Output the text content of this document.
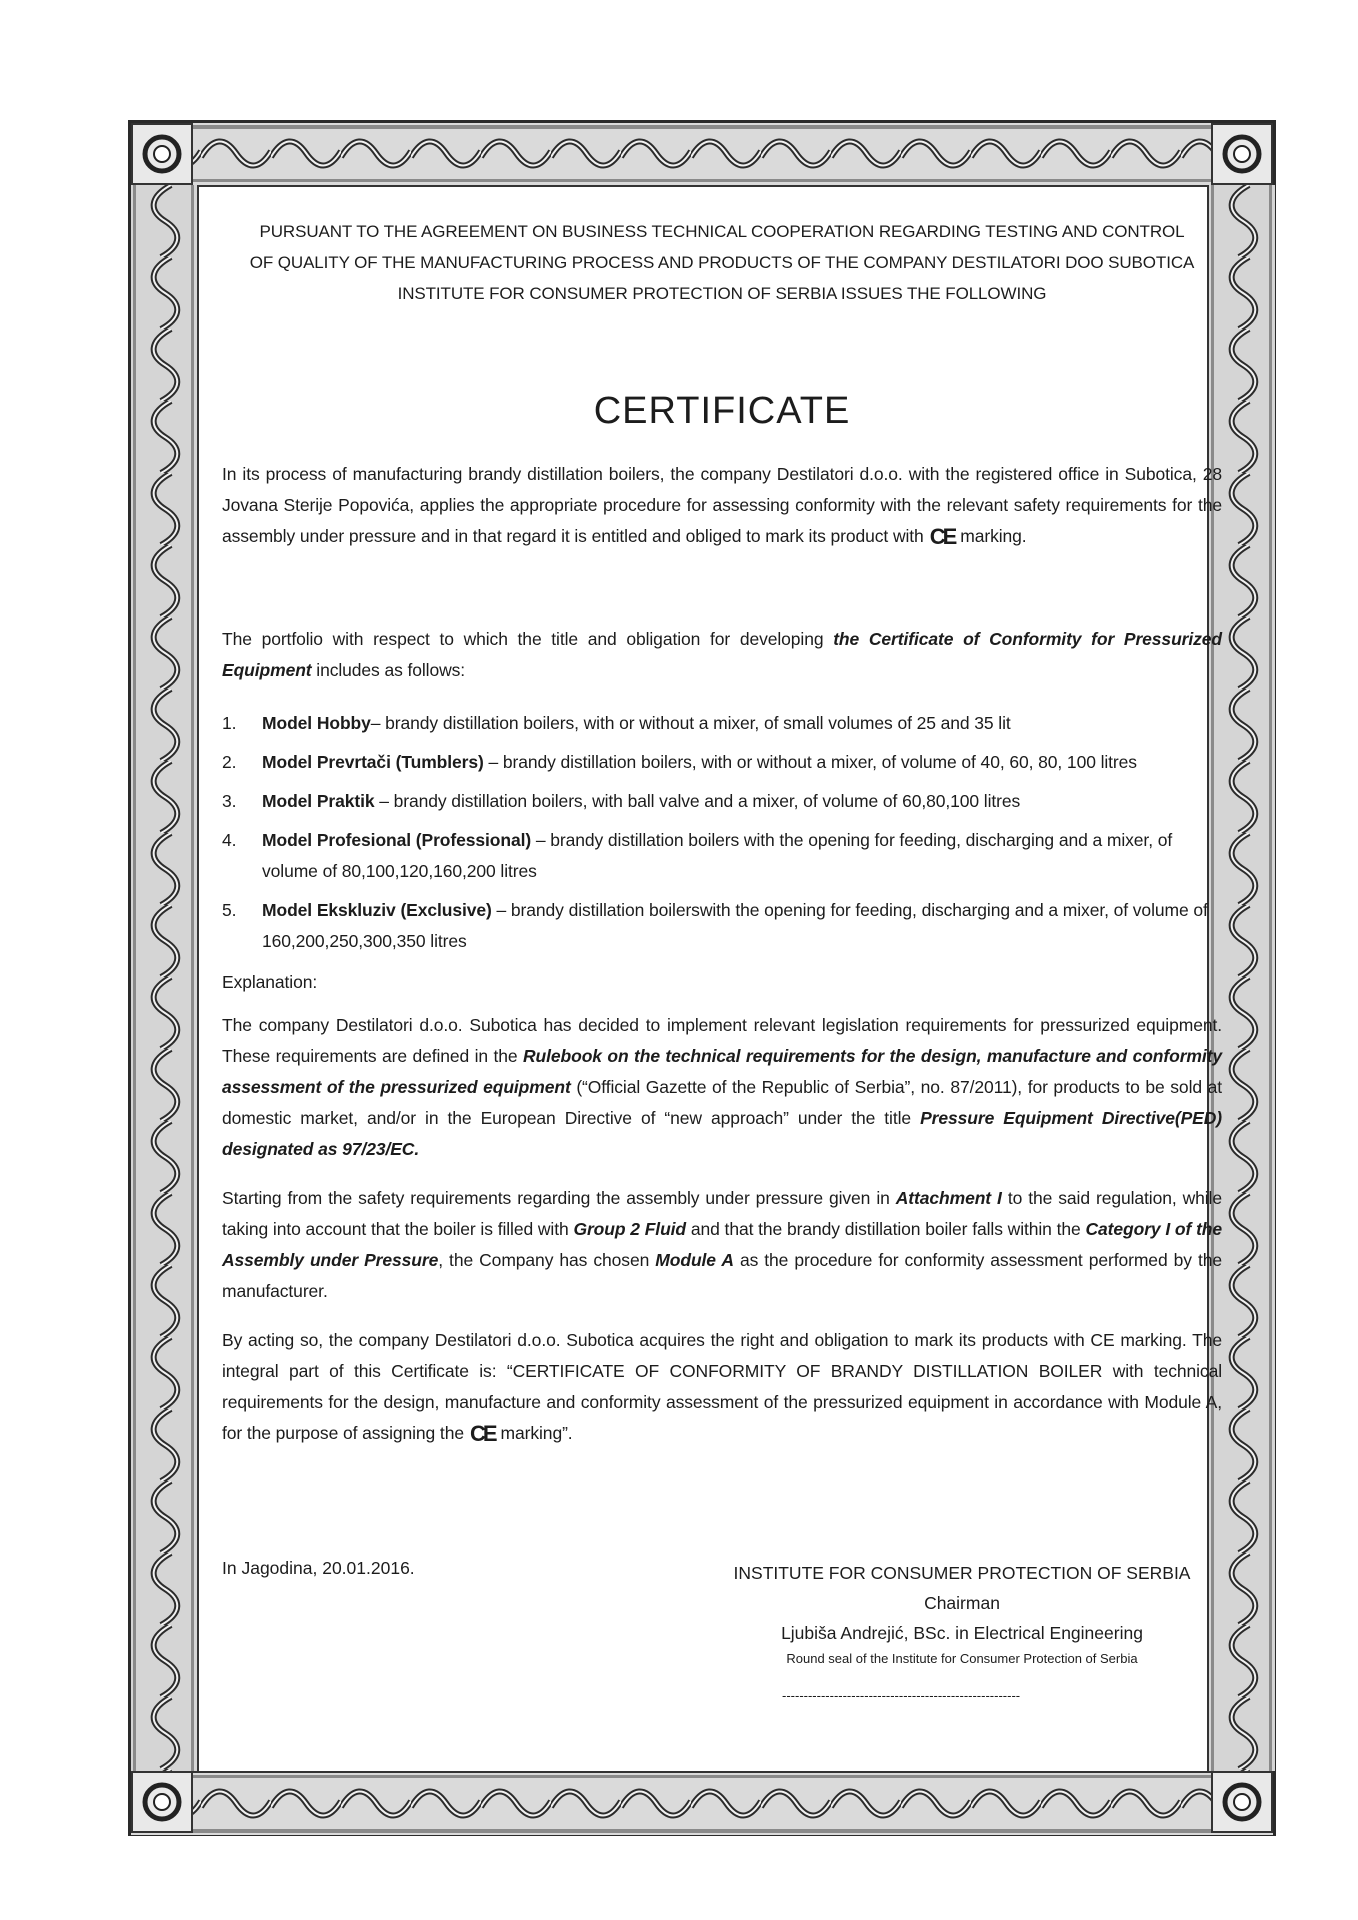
PURSUANT TO THE AGREEMENT ON BUSINESS TECHNICAL COOPERATION REGARDING TESTING AND CONTROL
OF QUALITY OF THE MANUFACTURING PROCESS AND PRODUCTS OF THE COMPANY DESTILATORI DOO SUBOTICA
INSTITUTE FOR CONSUMER PROTECTION OF SERBIA ISSUES THE FOLLOWING
CERTIFICATE

In its process of manufacturing brandy distillation boilers, the company Destilatori d.o.o. with the registered office in Subotica, 28 Jovana Sterije Popovića, applies the appropriate procedure for assessing conformity with the relevant safety requirements for the assembly under pressure and in that regard it is entitled and obliged to mark its product with CE marking.

The portfolio with respect to which the title and obligation for developing the Certificate of Conformity for Pressurized Equipment includes as follows:

1.	Model Hobby– brandy distillation boilers, with or without a mixer, of small volumes of 25 and 35 lit
2.	Model Prevrtači (Tumblers) – brandy distillation boilers, with or without a mixer, of volume of 40, 60, 80, 100 litres
3.	Model Praktik – brandy distillation boilers, with ball valve and a mixer, of volume of 60,80,100 litres
4.	Model Profesional (Professional) – brandy distillation boilers with the opening for feeding, discharging and a mixer, of volume of 80,100,120,160,200 litres
5.	Model Ekskluziv (Exclusive) – brandy distillation boilerswith the opening for feeding, discharging and a mixer, of volume of 160,200,250,300,350 litres
Explanation:

The company Destilatori d.o.o. Subotica has decided to implement relevant legislation requirements for pressurized equipment. These requirements are defined in the Rulebook on the technical requirements for the design, manufacture and conformity assessment of the pressurized equipment (“Official Gazette of the Republic of Serbia”, no. 87/2011), for products to be sold at domestic market, and/or in the European Directive of “new approach” under the title Pressure Equipment Directive(PED) designated as 97/23/EC.

Starting from the safety requirements regarding the assembly under pressure given in Attachment I to the said regulation, while taking into account that the boiler is filled with Group 2 Fluid and that the brandy distillation boiler falls within the Category I of the Assembly under Pressure, the Company has chosen Module A as the procedure for conformity assessment performed by the manufacturer.

By acting so, the company Destilatori d.o.o. Subotica acquires the right and obligation to mark its products with CE marking. The integral part of this Certificate is: “CERTIFICATE OF CONFORMITY OF BRANDY DISTILLATION BOILER with technical requirements for the design, manufacture and conformity assessment of the pressurized equipment in accordance with Module A, for the purpose of assigning the CE marking”.

In Jagodina, 20.01.2016.	INSTITUTE FOR CONSUMER PROTECTION OF SERBIA
Chairman
Ljubiša Andrejić, BSc. in Electrical Engineering
Round seal of the Institute for Consumer Protection of Serbia
-------------------------------------------------------
